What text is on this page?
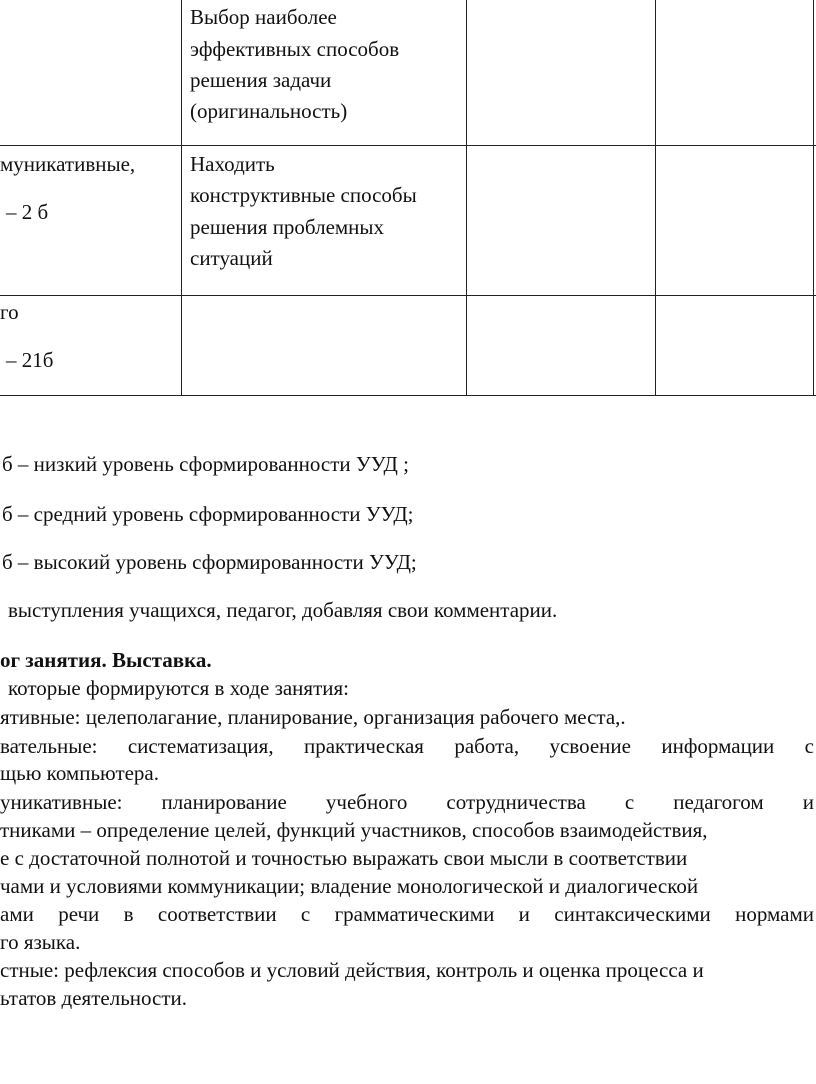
Выбор наиболее
эффективных способов
решения задачи
(оригинальность)
муникативные,
– 2 б
Находить
конструктивные способы
решения проблемных
ситуаций
го
– 21б
б – низкий уровень сформированности УУД ;
б – средний уровень сформированности УУД;
б – высокий уровень сформированности УУД;
выступления учащихся, педагог, добавляя свои комментарии.
ог занятия. Выставка.
которые формируются в ходе занятия:
ятивные: целеполагание, планирование, организация рабочего места,.
вательные: систематизация, практическая работа, усвоение информации с
щью компьютера.
уникативные: планирование учебного сотрудничества с педагогом и
тниками – определение целей, функций участников, способов взаимодействия,
е с достаточной полнотой и точностью выражать свои мысли в соответствии
чами и условиями коммуникации; владение монологической и диалогической
ами речи в соответствии с грамматическими и синтаксическими нормами
го языка.
стные: рефлексия способов и условий действия, контроль и оценка процесса и
ьтатов деятельности.
